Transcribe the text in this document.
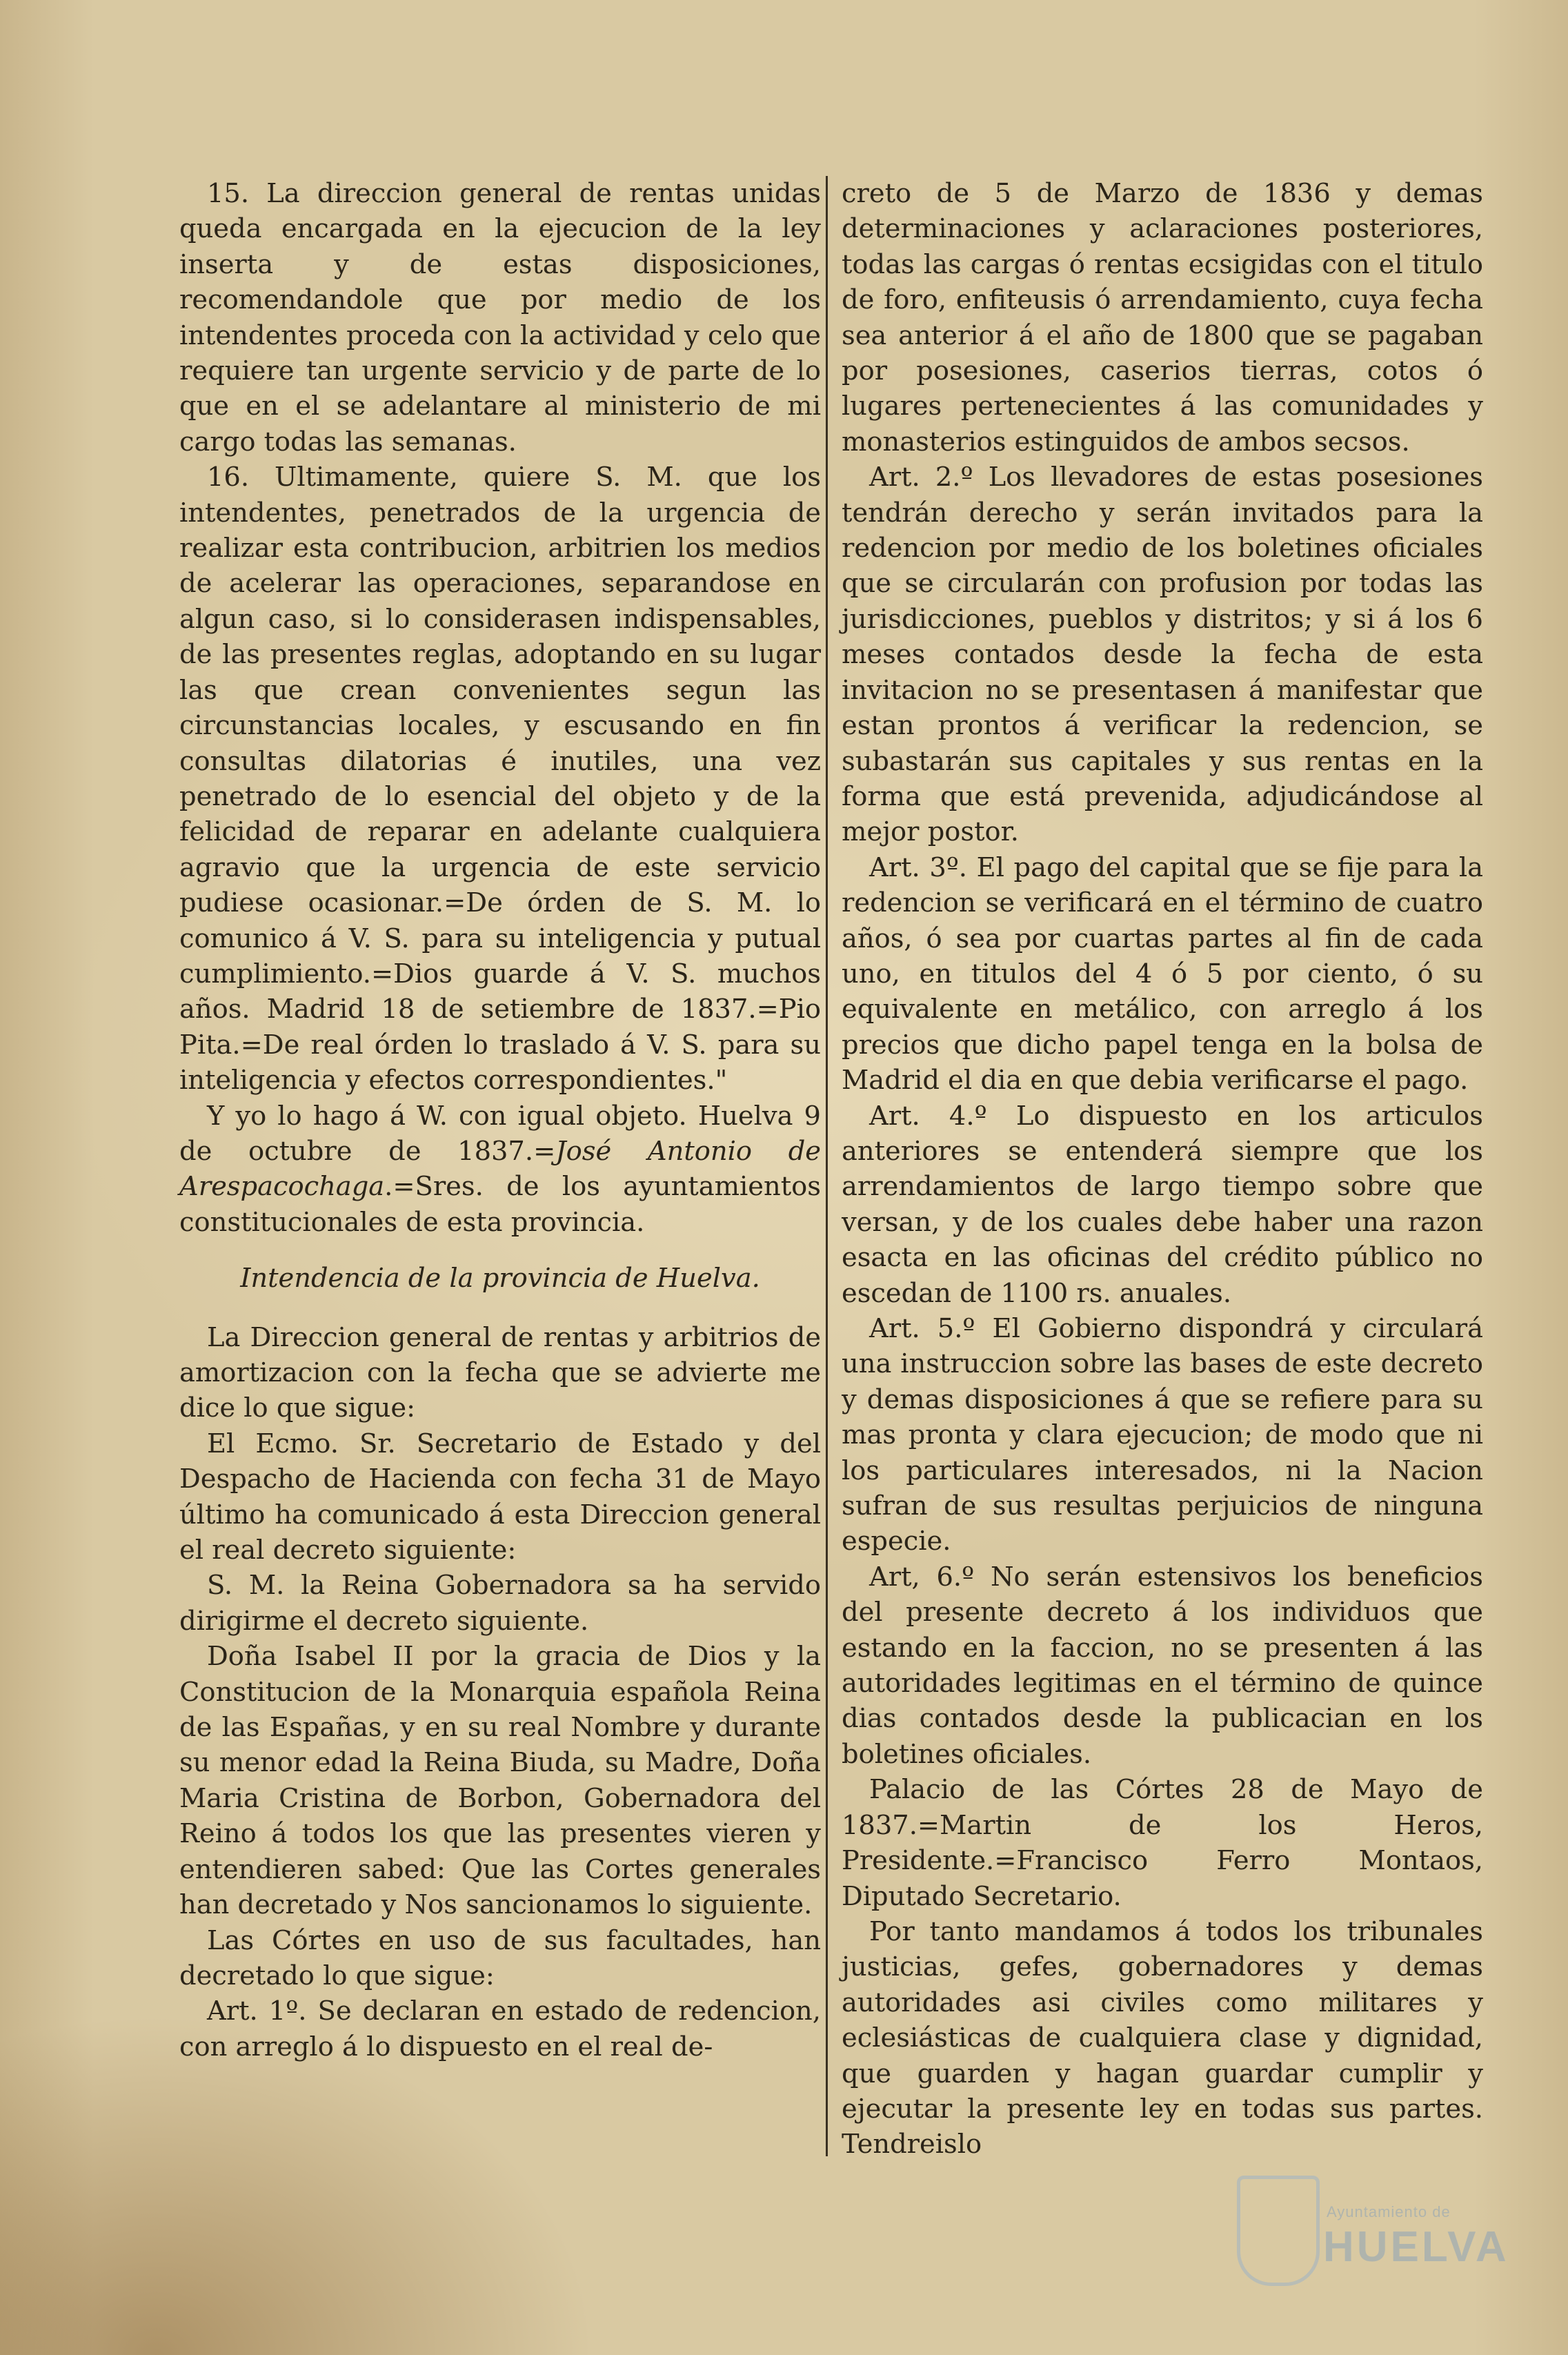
15. La direccion general de rentas unidas queda encargada en la ejecucion de la ley inserta y de estas disposiciones, recomendandole que por medio de los intendentes proceda con la actividad y celo que requiere tan urgente servicio y de parte de lo que en el se adelantare al ministerio de mi cargo todas las semanas.

16. Ultimamente, quiere S. M. que los intendentes, penetrados de la urgencia de realizar esta contribucion, arbitrien los medios de acelerar las operaciones, separandose en algun caso, si lo considerasen indispensables, de las presentes reglas, adoptando en su lugar las que crean convenientes segun las circunstancias locales, y escusando en fin consultas dilatorias é inutiles, una vez penetrado de lo esencial del objeto y de la felicidad de reparar en adelante cualquiera agravio que la urgencia de este servicio pudiese ocasionar.=De órden de S. M. lo comunico á V. S. para su inteligencia y putual cumplimiento.=Dios guarde á V. S. muchos años. Madrid 18 de setiembre de 1837.=Pio Pita.=De real órden lo traslado á V. S. para su inteligencia y efectos correspondientes."

Y yo lo hago á W. con igual objeto. Huelva 9 de octubre de 1837.=José Antonio de Arespacochaga.=Sres. de los ayuntamientos constitucionales de esta provincia.

Intendencia de la provincia de Huelva.

La Direccion general de rentas y arbitrios de amortizacion con la fecha que se advierte me dice lo que sigue:

El Ecmo. Sr. Secretario de Estado y del Despacho de Hacienda con fecha 31 de Mayo último ha comunicado á esta Direccion general el real decreto siguiente:

S. M. la Reina Gobernadora sa ha servido dirigirme el decreto siguiente.

Doña Isabel II por la gracia de Dios y la Constitucion de la Monarquia española Reina de las Españas, y en su real Nombre y durante su menor edad la Reina Biuda, su Madre, Doña Maria Cristina de Borbon, Gobernadora del Reino á todos los que las presentes vieren y entendieren sabed: Que las Cortes generales han decretado y Nos sancionamos lo siguiente.

Las Córtes en uso de sus facultades, han decretado lo que sigue:

Art. 1º. Se declaran en estado de redencion, con arreglo á lo dispuesto en el real de-

creto de 5 de Marzo de 1836 y demas determinaciones y aclaraciones posteriores, todas las cargas ó rentas ecsigidas con el titulo de foro, enfiteusis ó arrendamiento, cuya fecha sea anterior á el año de 1800 que se pagaban por posesiones, caserios tierras, cotos ó lugares pertenecientes á las comunidades y monasterios estinguidos de ambos secsos.

Art. 2.º Los llevadores de estas posesiones tendrán derecho y serán invitados para la redencion por medio de los boletines oficiales que se circularán con profusion por todas las jurisdicciones, pueblos y distritos; y si á los 6 meses contados desde la fecha de esta invitacion no se presentasen á manifestar que estan prontos á verificar la redencion, se subastarán sus capitales y sus rentas en la forma que está prevenida, adjudicándose al mejor postor.

Art. 3º. El pago del capital que se fije para la redencion se verificará en el término de cuatro años, ó sea por cuartas partes al fin de cada uno, en titulos del 4 ó 5 por ciento, ó su equivalente en metálico, con arreglo á los precios que dicho papel tenga en la bolsa de Madrid el dia en que debia verificarse el pago.

Art. 4.º Lo dispuesto en los articulos anteriores se entenderá siempre que los arrendamientos de largo tiempo sobre que versan, y de los cuales debe haber una razon esacta en las oficinas del crédito público no escedan de 1100 rs. anuales.

Art. 5.º El Gobierno dispondrá y circulará una instruccion sobre las bases de este decreto y demas disposiciones á que se refiere para su mas pronta y clara ejecucion; de modo que ni los particulares interesados, ni la Nacion sufran de sus resultas perjuicios de ninguna especie.

Art, 6.º No serán estensivos los beneficios del presente decreto á los individuos que estando en la faccion, no se presenten á las autoridades legitimas en el término de quince dias contados desde la publicacian en los boletines oficiales.

Palacio de las Córtes 28 de Mayo de 1837.=Martin de los Heros, Presidente.=Francisco Ferro Montaos, Diputado Secretario.

Por tanto mandamos á todos los tribunales justicias, gefes, gobernadores y demas autoridades asi civiles como militares y eclesiásticas de cualquiera clase y dignidad, que guarden y hagan guardar cumplir y ejecutar la presente ley en todas sus partes. Tendreislo

Ayuntamiento de
HUELVA
